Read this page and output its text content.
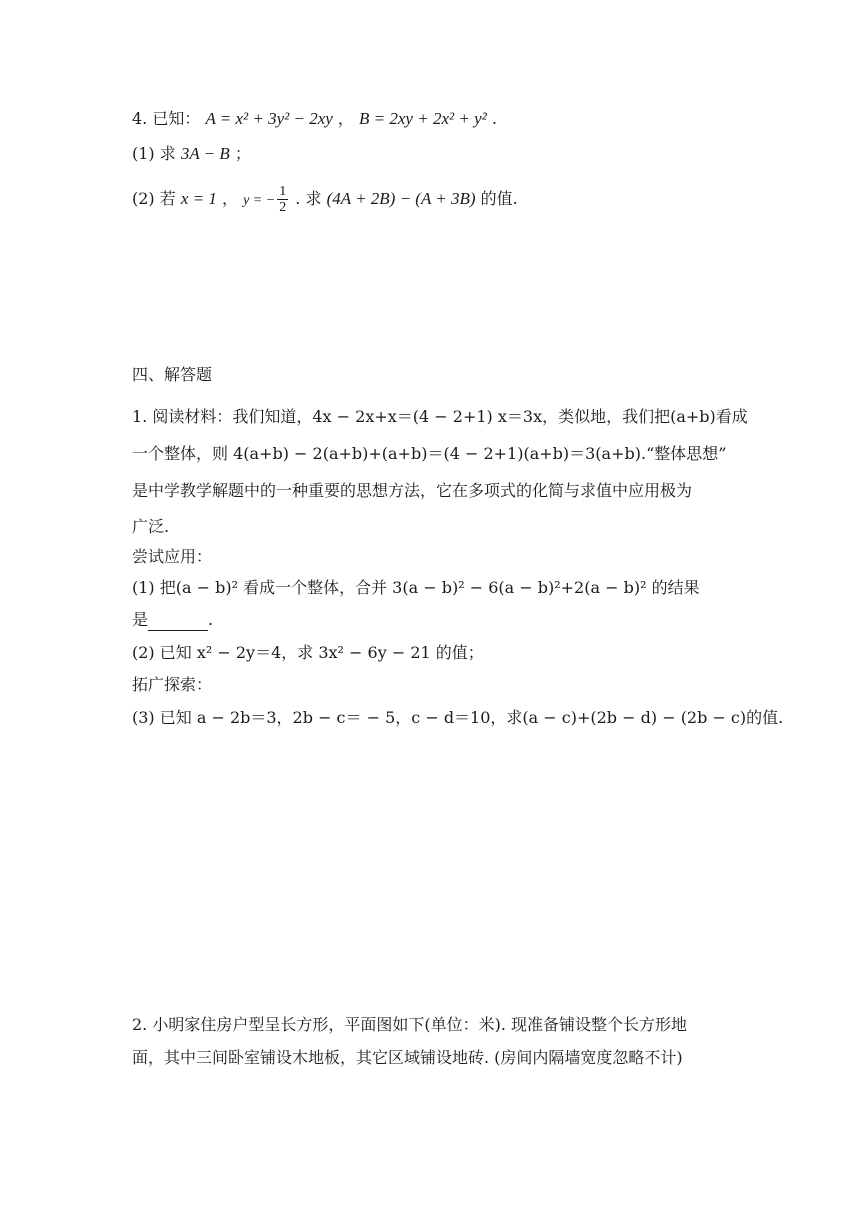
4. 已知： A = x² + 3y² − 2xy ， B = 2xy + 2x² + y² .
(1) 求 3A − B ；
(2) 若 x = 1 ， y = − $\frac{1}{2}$ . 求 (4A + 2B) − (A + 3B) 的值.
四、解答题
1. 阅读材料：我们知道，4x − 2x+x＝(4 − 2+1) x＝3x，类似地，我们把(a+b)看成
一个整体，则 4(a+b) − 2(a+b)+(a+b)＝(4 − 2+1)(a+b)＝3(a+b).“整体思想”
是中学教学解题中的一种重要的思想方法，它在多项式的化简与求值中应用极为
广泛.
尝试应用：
(1) 把(a − b)² 看成一个整体，合并 3(a − b)² − 6(a − b)²+2(a − b)² 的结果
是	.
(2) 已知 x² − 2y＝4，求 3x² − 6y − 21 的值；
拓广探索：
(3) 已知 a − 2b＝3，2b − c＝ − 5，c − d＝10，求(a − c)+(2b − d) − (2b − c)的值.
2. 小明家住房户型呈长方形，平面图如下(单位：米). 现准备铺设整个长方形地
面，其中三间卧室铺设木地板，其它区域铺设地砖. (房间内隔墙宽度忽略不计)
